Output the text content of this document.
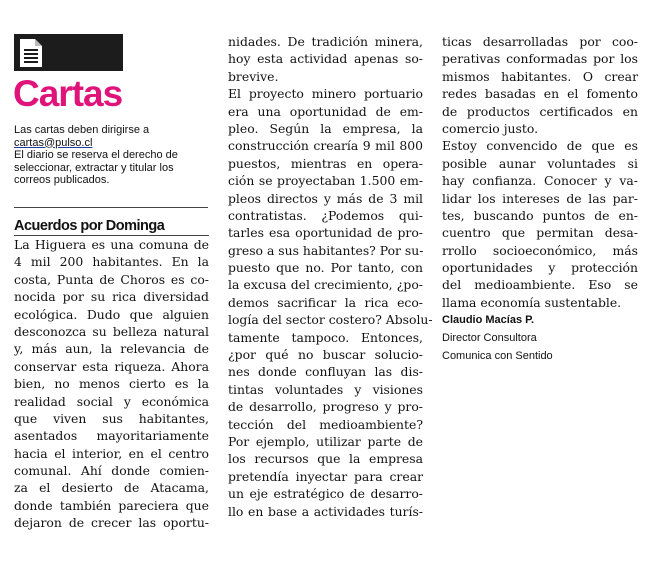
Cartas
Las cartas deben dirigirse a
cartas@pulso.cl
El diario se reserva el derecho de
seleccionar, extractar y titular los
correos publicados.
Acuerdos por Dominga
La Higuera es una comuna de
4 mil 200 habitantes. En la
costa, Punta de Choros es co-
nocida por su rica diversidad
ecológica. Dudo que alguien
desconozca su belleza natural
y, más aun, la relevancia de
conservar esta riqueza. Ahora
bien, no menos cierto es la
realidad social y económica
que viven sus habitantes,
asentados mayoritariamente
hacia el interior, en el centro
comunal. Ahí donde comien-
za el desierto de Atacama,
donde también pareciera que
dejaron de crecer las oportu-
nidades. De tradición minera,
hoy esta actividad apenas so-
brevive.
El proyecto minero portuario
era una oportunidad de em-
pleo. Según la empresa, la
construcción crearía 9 mil 800
puestos, mientras en opera-
ción se proyectaban 1.500 em-
pleos directos y más de 3 mil
contratistas. ¿Podemos qui-
tarles esa oportunidad de pro-
greso a sus habitantes? Por su-
puesto que no. Por tanto, con
la excusa del crecimiento, ¿po-
demos sacrificar la rica eco-
logía del sector costero? Absolu-
tamente tampoco. Entonces,
¿por qué no buscar solucio-
nes donde confluyan las dis-
tintas voluntades y visiones
de desarrollo, progreso y pro-
tección del medioambiente?
Por ejemplo, utilizar parte de
los recursos que la empresa
pretendía inyectar para crear
un eje estratégico de desarro-
llo en base a actividades turís-
ticas desarrolladas por coo-
perativas conformadas por los
mismos habitantes. O crear
redes basadas en el fomento
de productos certificados en
comercio justo.
Estoy convencido de que es
posible aunar voluntades si
hay confianza. Conocer y va-
lidar los intereses de las par-
tes, buscando puntos de en-
cuentro que permitan desa-
rrollo socioeconómico, más
oportunidades y protección
del medioambiente. Eso se
llama economía sustentable.
Claudio Macías P.
Director Consultora
Comunica con Sentido
